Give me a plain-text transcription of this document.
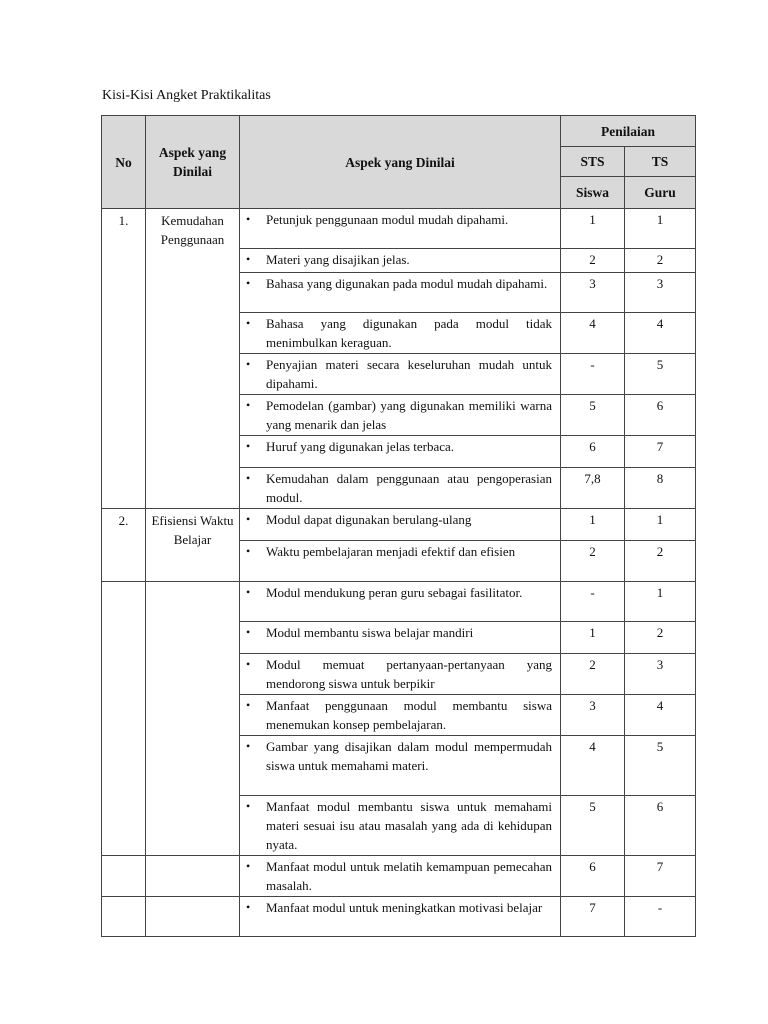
Kisi-Kisi Angket Praktikalitas
No	Aspek yang Dinilai	Aspek yang Dinilai	Penilaian	
			STS	TS
			Siswa	Guru
1.	Kemudahan Penggunaan	• Petunjuk penggunaan modul mudah dipahami.	1	1

		• Materi yang disajikan jelas.	2	2

		• Bahasa yang digunakan pada modul mudah dipahami.	3	3

		• Bahasa yang digunakan pada modul tidak menimbulkan keraguan.	4	4

		• Penyajian materi secara keseluruhan mudah untuk dipahami.	-	5

		• Pemodelan (gambar) yang digunakan memiliki warna yang menarik dan jelas	5	6

		• Huruf yang digunakan jelas terbaca.	6	7

		• Kemudahan dalam penggunaan atau pengoperasian modul.	7,8	8
2.	Efisiensi Waktu Belajar	• Modul dapat digunakan berulang-ulang	1	1

		• Waktu pembelajaran menjadi efektif dan efisien	2	2

		• Modul mendukung peran guru sebagai fasilitator.	-	1

		• Modul membantu siswa belajar mandiri	1	2

		• Modul memuat pertanyaan-pertanyaan yang mendorong siswa untuk berpikir	2	3

		• Manfaat penggunaan modul membantu siswa menemukan konsep pembelajaran.	3	4

		• Gambar yang disajikan dalam modul mempermudah siswa untuk memahami materi.	4	5

		• Manfaat modul membantu siswa untuk memahami materi sesuai isu atau masalah yang ada di kehidupan nyata.	5	6

		• Manfaat modul untuk melatih kemampuan pemecahan masalah.	6	7

		• Manfaat modul untuk meningkatkan motivasi belajar	7	-
